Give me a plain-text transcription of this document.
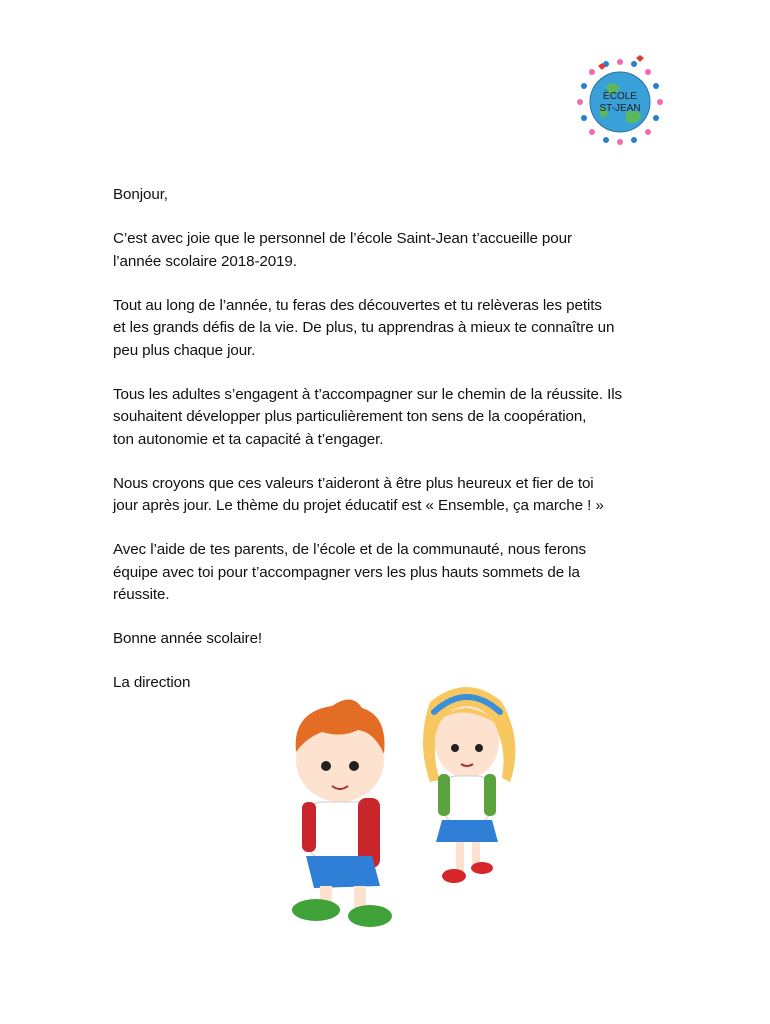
ÉCOLE
ST-JEAN

Bonjour,

C’est avec joie que le personnel de l’école Saint-Jean t’accueille pour
l’année scolaire 2018-2019.

Tout au long de l’année, tu feras des découvertes et tu relèveras les petits
et les grands défis de la vie. De plus, tu apprendras à mieux te connaître un
peu plus chaque jour.

Tous les adultes s’engagent à t’accompagner sur le chemin de la réussite. Ils
souhaitent développer plus particulièrement ton sens de la coopération,
ton autonomie et ta capacité à t’engager.

Nous croyons que ces valeurs t’aideront à être plus heureux et fier de toi
jour après jour. Le thème du projet éducatif est « Ensemble, ça marche ! »

Avec l’aide de tes parents, de l’école et de la communauté, nous ferons
équipe avec toi pour t’accompagner vers les plus hauts sommets de la
réussite.

Bonne année scolaire!

La direction
